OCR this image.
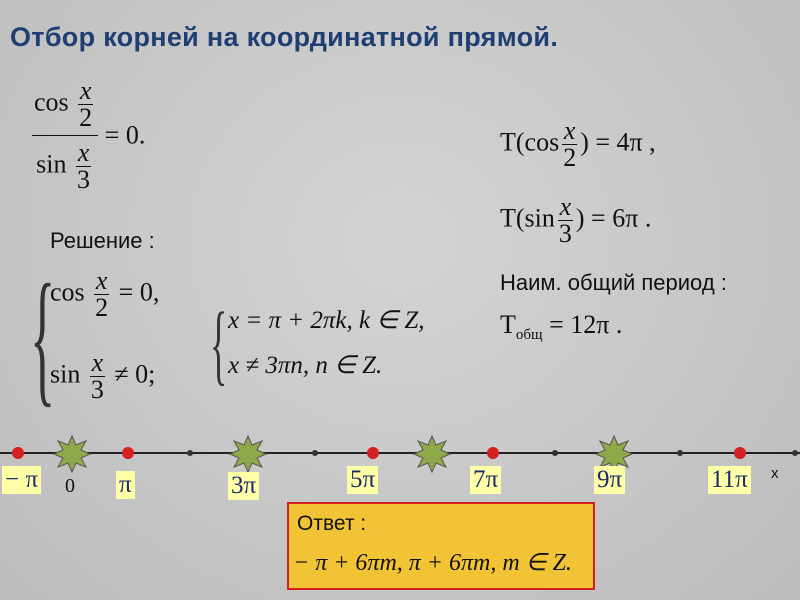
Отбор корней на координатной прямой.
$\frac{\cos \frac{x}{2}}{\sin \frac{x}{3}} = 0$.
Решение :
{
$\cos \frac{x}{2} = 0$,
$\sin \frac{x}{3} \ne 0$; { x = π + 2πk, k ∈ Z,
x ≠ 3πn, n ∈ Z.
$T(\cos \frac{x}{2}$ ) = 4π ,
$T(\sin \frac{x}{3}$ ) = 6π .
Наим. общий период :
$T_{общ} = 12\pi$ .
x
0
− π	π	3π	5π	7π	9π	11π
Ответ :
− π + 6πm, π + 6πm, m ∈ Z.
